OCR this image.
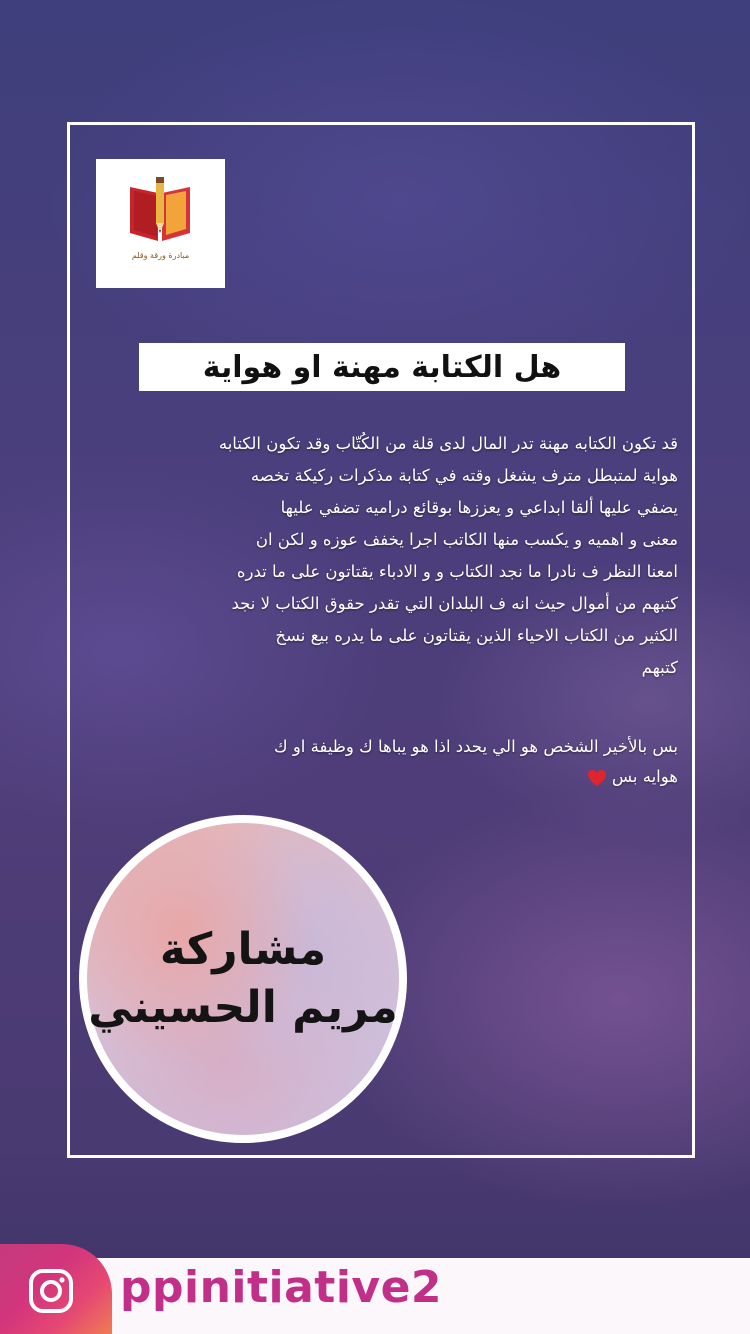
مبادرة ورقة وقلم
هل الكتابة مهنة او هواية
قد تكون الكتابه مهنة تدر المال لدى قلة من الكُتّاب وقد تكون الكتابه
هواية لمتبطل مترف يشغل وقته في كتابة مذكرات ركيكة تخصه
يضفي عليها ألقا ابداعي و يعززها بوقائع دراميه تضفي عليها
معنى و اهميه و يكسب منها الكاتب اجرا يخفف عوزه و لكن ان
امعنا النظر ف نادرا ما نجد الكتاب و و الادباء يقتاتون على ما تدره
كتبهم من أموال حيث انه ف البلدان التي تقدر حقوق الكتاب لا نجد
الكثير من الكتاب الاحياء الذين يقتاتون على ما يدره بيع نسخ
كتبهم
بس بالأخير الشخص هو الي يحدد اذا هو يباها ك وظيفة او ك
هوايه بس
مشاركة
مريم الحسيني
ppinitiative2
